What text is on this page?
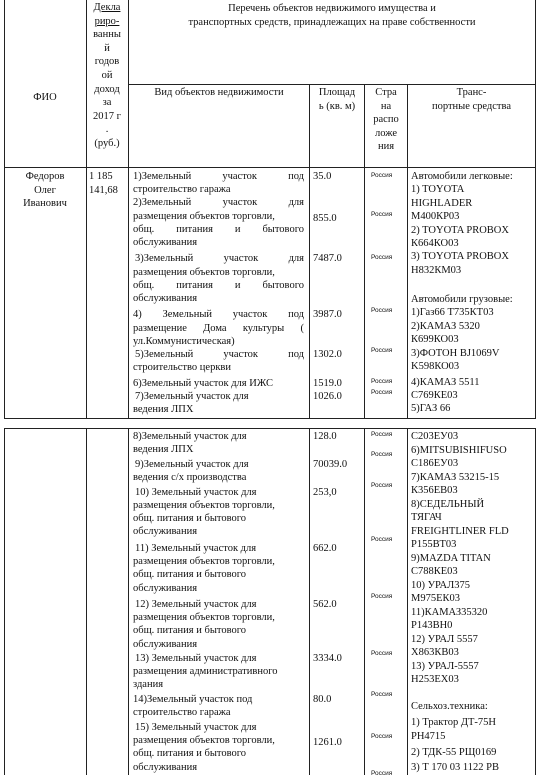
ФИО
Декла
риро-
ванны
й
годов
ой
доход
за
2017 г
.
(руб.)
Перечень объектов недвижимого имущества и
транспортных средств, принадлежащих на праве собственности
Вид объектов недвижимости	Площад
ь (кв. м)
Стра
на
распо
ложе
ния
Транс-
портные средства
Федоров
Олег
Иванович
1 185
141,68
1)Земельный участок под
строительство гаража
2)Земельный участок для
размещения объектов торговли,
общ. питания и бытового
обслуживания
3)Земельный участок для
размещения объектов торговли,
общ. питания и бытового
обслуживания
4) Земельный участок под
размещение Дома культуры (
ул.Коммунистическая)
5)Земельный участок под
строительство церкви
6)Земельный участок для ИЖС
7)Земельный участок для
ведения ЛПХ
35.0
855.0
7487.0
3987.0
1302.0
1519.0
1026.0
Россия
Россия
Россия
Россия
Россия
Россия
Россия
Автомобили легковые:
1) TOYOTA
HIGHLADER
M400КР03
2) TOYOTA PROBOX
К664КО03
3) TOYOTA PROBOX
Н832КМ03
Автомобили грузовые:
1)Газ66 Т735КТ03
2)КАМАЗ 5320
К699КО03
3)ФОТОН BJ1069V
K598КО03
4)КАМАЗ 5511
С769КЕ03
5)ГАЗ 66
8)Земельный участок для
ведения ЛПХ
9)Земельный участок для
ведения с/х производства
10) Земельный участок для
размещения объектов торговли,
общ. питания и бытового
обслуживания
11) Земельный участок для
размещения объектов торговли,
общ. питания и бытового
обслуживания
12) Земельный участок для
размещения объектов торговли,
общ. питания и бытового
обслуживания
13) Земельный участок для
размещения административного
здания
14)Земельный участок под
строительство гаража
15) Земельный участок для
размещения объектов торговли,
общ. питания и бытового
обслуживания
128.0
70039.0
253,0
662.0
562.0
3334.0
80.0
1261.0
Россия
Россия
Россия
Россия
Россия
Россия
Россия
Россия
Россия
С203ЕУ03
6)MITSUBISHIFUSO
С186ЕУ03
7)КАМАЗ 53215-15
К356ЕВ03
8)СЕДЕЛЬНЫЙ
ТЯГАЧ
FREIGHTLINER FLD
Р155ВТ03
9)MAZDA TITAN
С788КЕ03
10) УРАЛ375
М975ЕК03
11)КАМАЗ35320
Р143ВН0
12) УРАЛ 5557
Х863КВ03
13) УРАЛ-5557
Н253ЕХ03
Сельхоз.техника:
1) Трактор ДТ-75Н
РН4715
2) ТДК-55 РЩ0169
3) Т 170 03 1122 РВ
